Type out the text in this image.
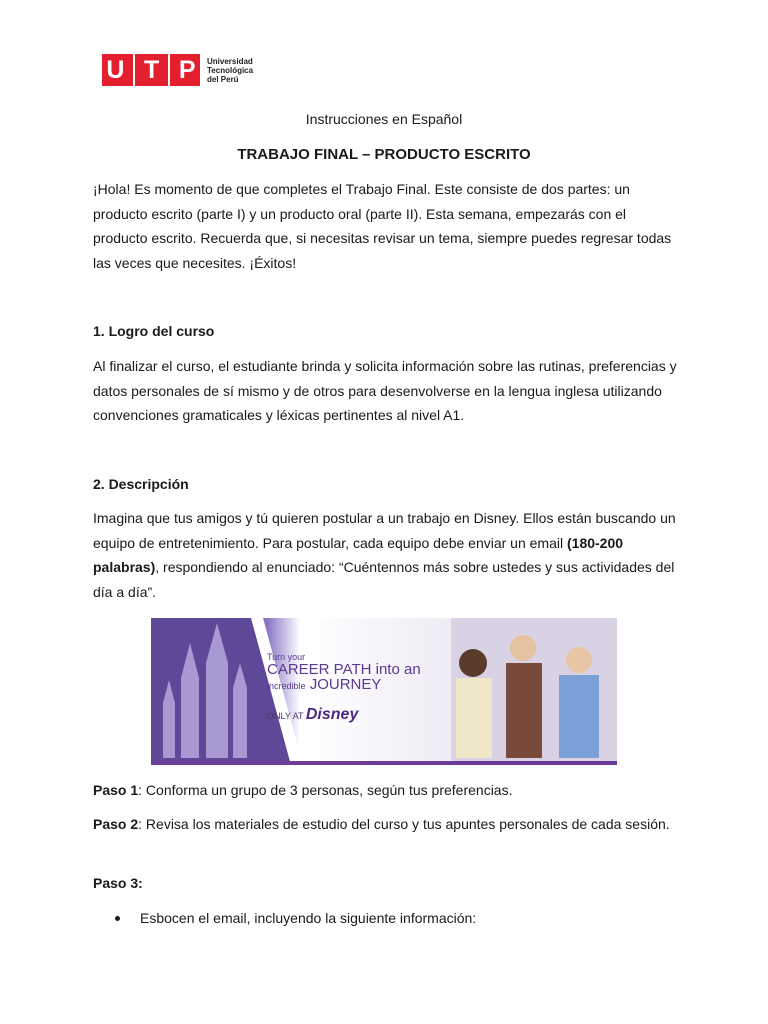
U T P Universidad
Tecnológica
del Perú
Instrucciones en Español
TRABAJO FINAL – PRODUCTO ESCRITO
¡Hola! Es momento de que completes el Trabajo Final. Este consiste de dos partes: un producto escrito (parte I) y un producto oral (parte II). Esta semana, empezarás con el producto escrito. Recuerda que, si necesitas revisar un tema, siempre puedes regresar todas las veces que necesites. ¡Éxitos!
1. Logro del curso
Al finalizar el curso, el estudiante brinda y solicita información sobre las rutinas, preferencias y datos personales de sí mismo y de otros para desenvolverse en la lengua inglesa utilizando convenciones gramaticales y léxicas pertinentes al nivel A1.
2. Descripción
Imagina que tus amigos y tú quieren postular a un trabajo en Disney. Ellos están buscando un equipo de entretenimiento. Para postular, cada equipo debe enviar un email (180-200 palabras), respondiendo al enunciado: “Cuéntennos más sobre ustedes y sus actividades del día a día”.
Turn your
CAREER PATH into an
incredible JOURNEY
ONLY AT Disney
Paso 1: Conforma un grupo de 3 personas, según tus preferencias.
Paso 2: Revisa los materiales de estudio del curso y tus apuntes personales de cada sesión.
Paso 3:
Esboce‍n el email, incluyendo la siguiente información:
